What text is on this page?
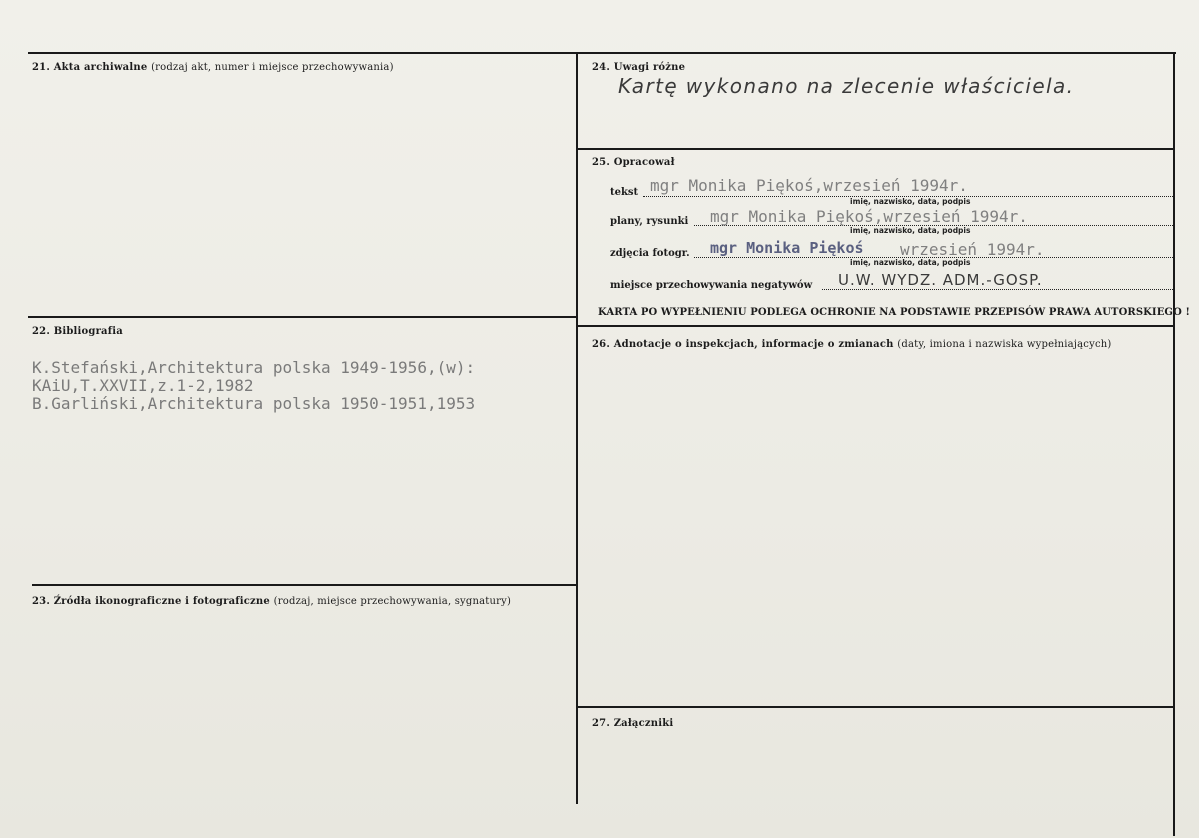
21. Akta archiwalne (rodzaj akt, numer i miejsce przechowywania)	24. Uwagi różne
Kartę wykonano na zlecenie właściciela.
25. Opracował
tekst mgr Monika Piękoś,wrzesień 1994r.
imię, nazwisko, data, podpis
plany, rysunki mgr Monika Piękoś,wrzesień 1994r.
imię, nazwisko, data, podpis
zdjęcia fotogr. mgr Monika Piękoś wrzesień 1994r.
imię, nazwisko, data, podpis
miejsce przechowywania negatywów U.W. WYDZ. ADM.-GOSP.
KARTA PO WYPEŁNIENIU PODLEGA OCHRONIE NA PODSTAWIE PRZEPISÓW PRAWA AUTORSKIEGO !
22. Bibliografia
K.Stefański,Architektura polska 1949-1956,(w):
KAiU,T.XXVII,z.1-2,1982
B.Garliński,Architektura polska 1950-1951,1953
26. Adnotacje o inspekcjach, informacje o zmianach (daty, imiona i nazwiska wypełniających)
23. Źródła ikonograficzne i fotograficzne (rodzaj, miejsce przechowywania, sygnatury)
27. Załączniki
